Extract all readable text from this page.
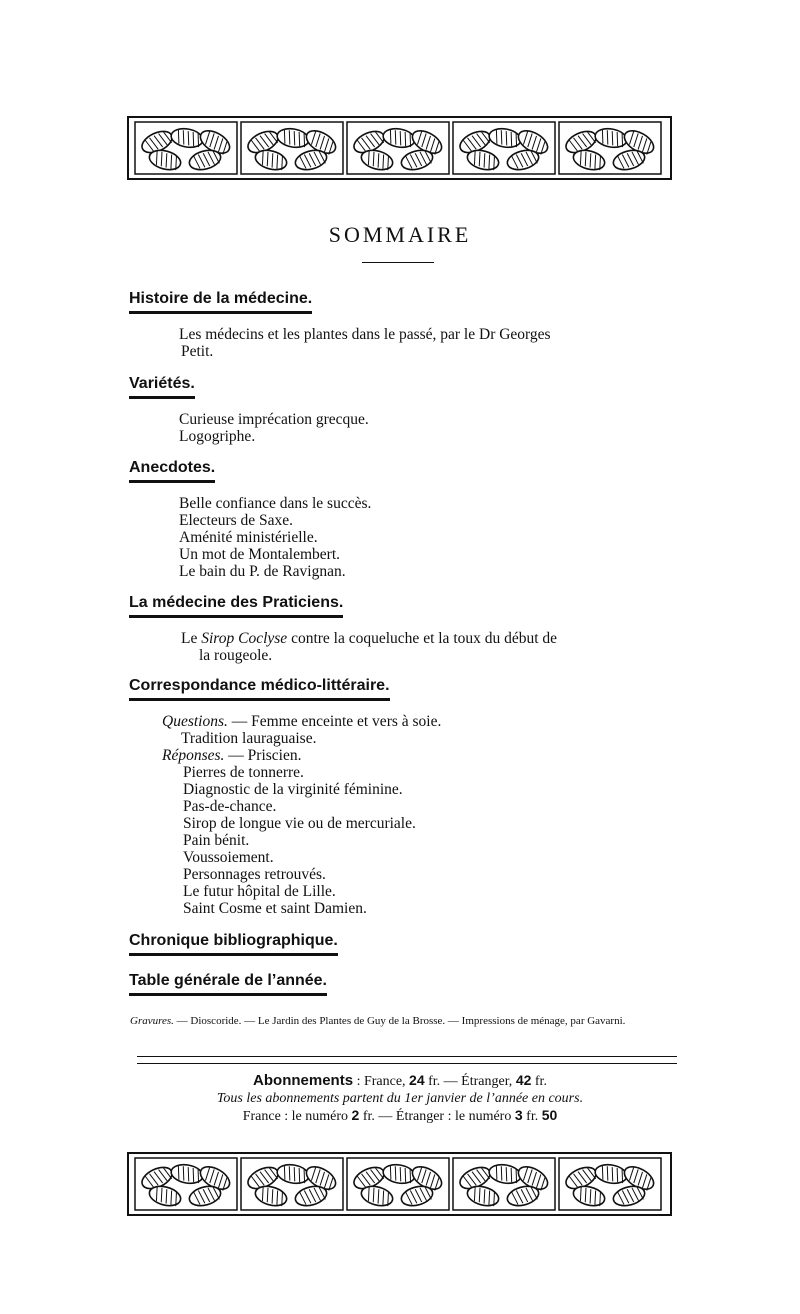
SOMMAIRE
Histoire de la médecine.
Les médecins et les plantes dans le passé, par le Dr Georges
Petit.
Variétés.
Curieuse imprécation grecque.
Logogriphe.
Anecdotes.
Belle confiance dans le succès.
Electeurs de Saxe.
Aménité ministérielle.
Un mot de Montalembert.
Le bain du P. de Ravignan.
La médecine des Praticiens.
Le Sirop Coclyse contre la coqueluche et la toux du début de
la rougeole.
Correspondance médico-littéraire.
Questions. — Femme enceinte et vers à soie.
Tradition lauraguaise.
Réponses. — Priscien.
Pierres de tonnerre.
Diagnostic de la virginité féminine.
Pas-de-chance.
Sirop de longue vie ou de mercuriale.
Pain bénit.
Voussoiement.
Personnages retrouvés.
Le futur hôpital de Lille.
Saint Cosme et saint Damien.
Chronique bibliographique.
Table générale de l’année.
Gravures. — Dioscoride. — Le Jardin des Plantes de Guy de la Brosse. — Impressions de ménage, par Gavarni.
Abonnements : France, 24 fr. — Étranger, 42 fr.
Tous les abonnements partent du 1er janvier de l’année en cours.
France : le numéro 2 fr. — Étranger : le numéro 3 fr. 50
